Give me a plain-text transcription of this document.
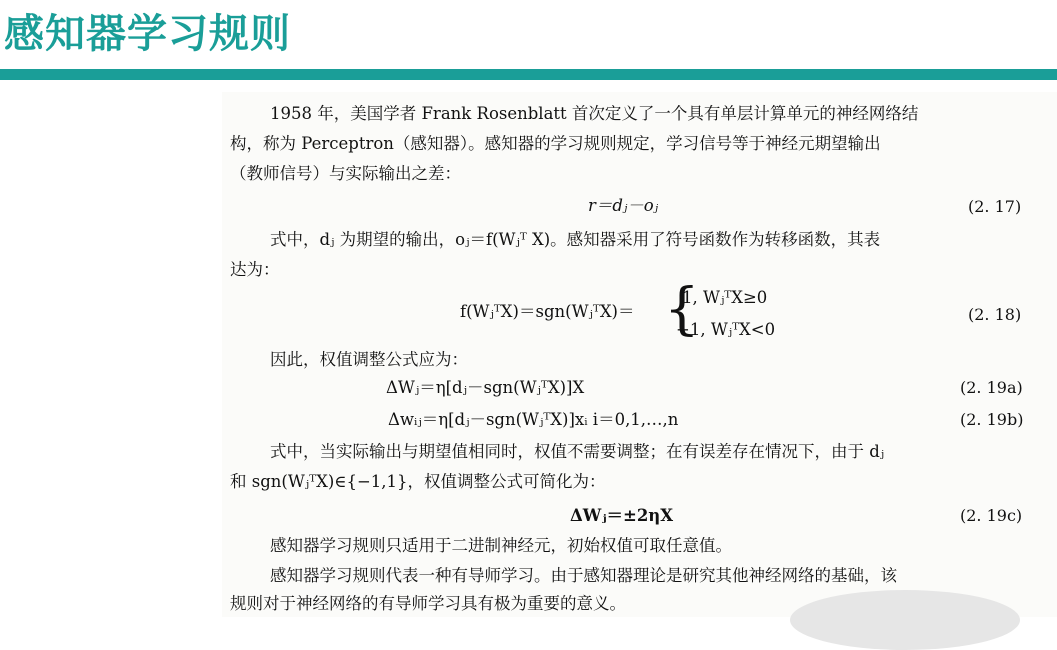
感知器学习规则
1958 年，美国学者 Frank Rosenblatt 首次定义了一个具有单层计算单元的神经网络结
构，称为 Perceptron（感知器）。感知器的学习规则规定，学习信号等于神经元期望输出
（教师信号）与实际输出之差：
r＝dⱼ－oⱼ	(2. 17)
式中，dⱼ 为期望的输出，oⱼ＝f(Wⱼᵀ X)。感知器采用了符号函数作为转移函数，其表
达为：
f(WⱼᵀX)＝sgn(WⱼᵀX)＝ {
1, WⱼᵀX≥0
−1, WⱼᵀX<0
(2. 18)
因此，权值调整公式应为：
ΔWⱼ＝η[dⱼ－sgn(WⱼᵀX)]X	(2. 19a)
Δwᵢⱼ＝η[dⱼ－sgn(WⱼᵀX)]xᵢ i＝0,1,…,n	(2. 19b)
式中，当实际输出与期望值相同时，权值不需要调整；在有误差存在情况下，由于 dⱼ
和 sgn(WⱼᵀX)∈{−1,1}，权值调整公式可简化为：
ΔWⱼ＝±2ηX	(2. 19c)
感知器学习规则只适用于二进制神经元，初始权值可取任意值。
感知器学习规则代表一种有导师学习。由于感知器理论是研究其他神经网络的基础，该
规则对于神经网络的有导师学习具有极为重要的意义。
